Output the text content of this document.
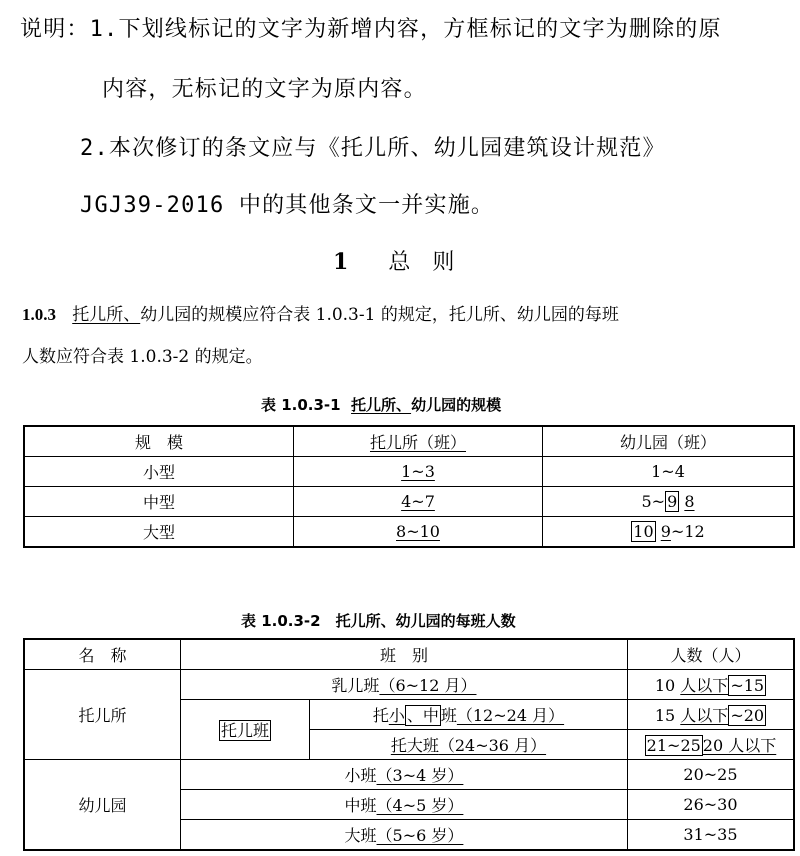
说明：1.下划线标记的文字为新增内容，方框标记的文字为删除的原
内容，无标记的文字为原内容。
2.本次修订的条文应与《托儿所、幼儿园建筑设计规范》
JGJ39-2016 中的其他条文一并实施。
1 总　则
1.0.3 托儿所、幼儿园的规模应符合表 1.0.3-1 的规定，托儿所、幼儿园的每班
人数应符合表 1.0.3-2 的规定。
表 1.0.3-1 托儿所、幼儿园的规模
规　模	托儿所（班）	幼儿园（班）
小型	1~3	1~4
中型	4~7	5~ 9 8
大型	8~10	10 9~12
表 1.0.3-2　托儿所、幼儿园的每班人数
名　称	班　别		人数（人）
托儿所	乳儿班（6~12 月）		10 人以下 ~15
	托儿班	托小 、中 班（12~24 月）	15 人以下 ~20
		托大班（24~36 月）	21~25 20 人以下
幼儿园	小班（3~4 岁）		20~25
	中班（4~5 岁）		26~30
	大班（5~6 岁）		31~35
